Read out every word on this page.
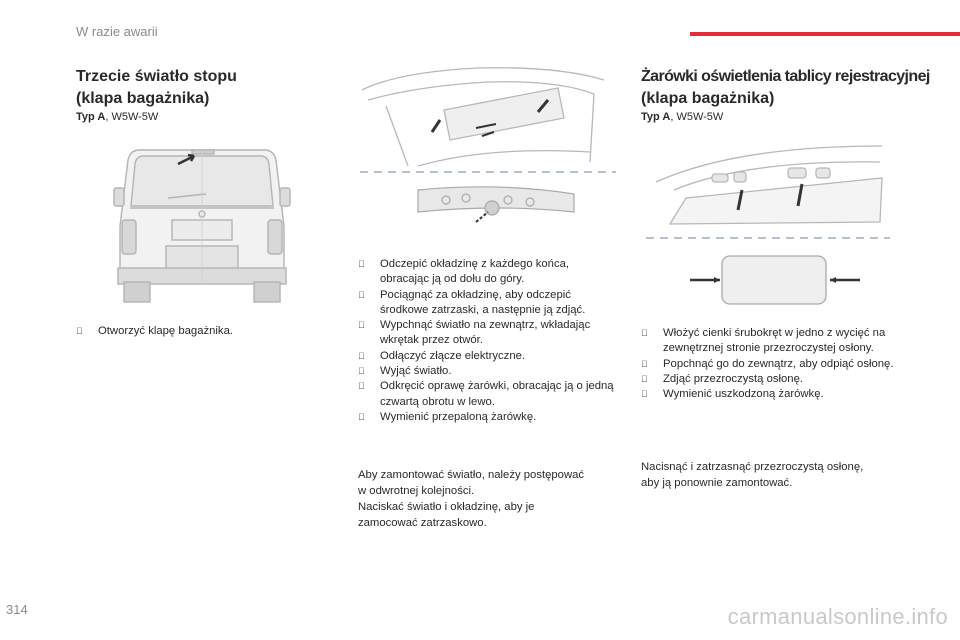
W razie awarii
Trzecie światło stopu
(klapa bagażnika)
Typ A, W5W-5W
Otworzyć klapę bagażnika.
Odczepić okładzinę z każdego końca, obracając ją od dołu do góry.
Pociągnąć za okładzinę, aby odczepić środkowe zatrzaski, a następnie ją zdjąć.
Wypchnąć światło na zewnątrz, wkładając wkrętak przez otwór.
Odłączyć złącze elektryczne.
Wyjąć światło.
Odkręcić oprawę żarówki, obracając ją o jedną czwartą obrotu w lewo.
Wymienić przepaloną żarówkę.
Aby zamontować światło, należy postępować
w odwrotnej kolejności.
Naciskać światło i okładzinę, aby je
zamocować zatrzaskowo.
Żarówki oświetlenia tablicy rejestracyjnej
(klapa bagażnika)
Typ A, W5W-5W
Włożyć cienki śrubokręt w jedno z wycięć na zewnętrznej stronie przezroczystej osłony.
Popchnąć go do zewnątrz, aby odpiąć osłonę.
Zdjąć przezroczystą osłonę.
Wymienić uszkodzoną żarówkę.
Nacisnąć i zatrzasnąć przezroczystą osłonę,
aby ją ponownie zamontować.
314	carmanualsonline.info
